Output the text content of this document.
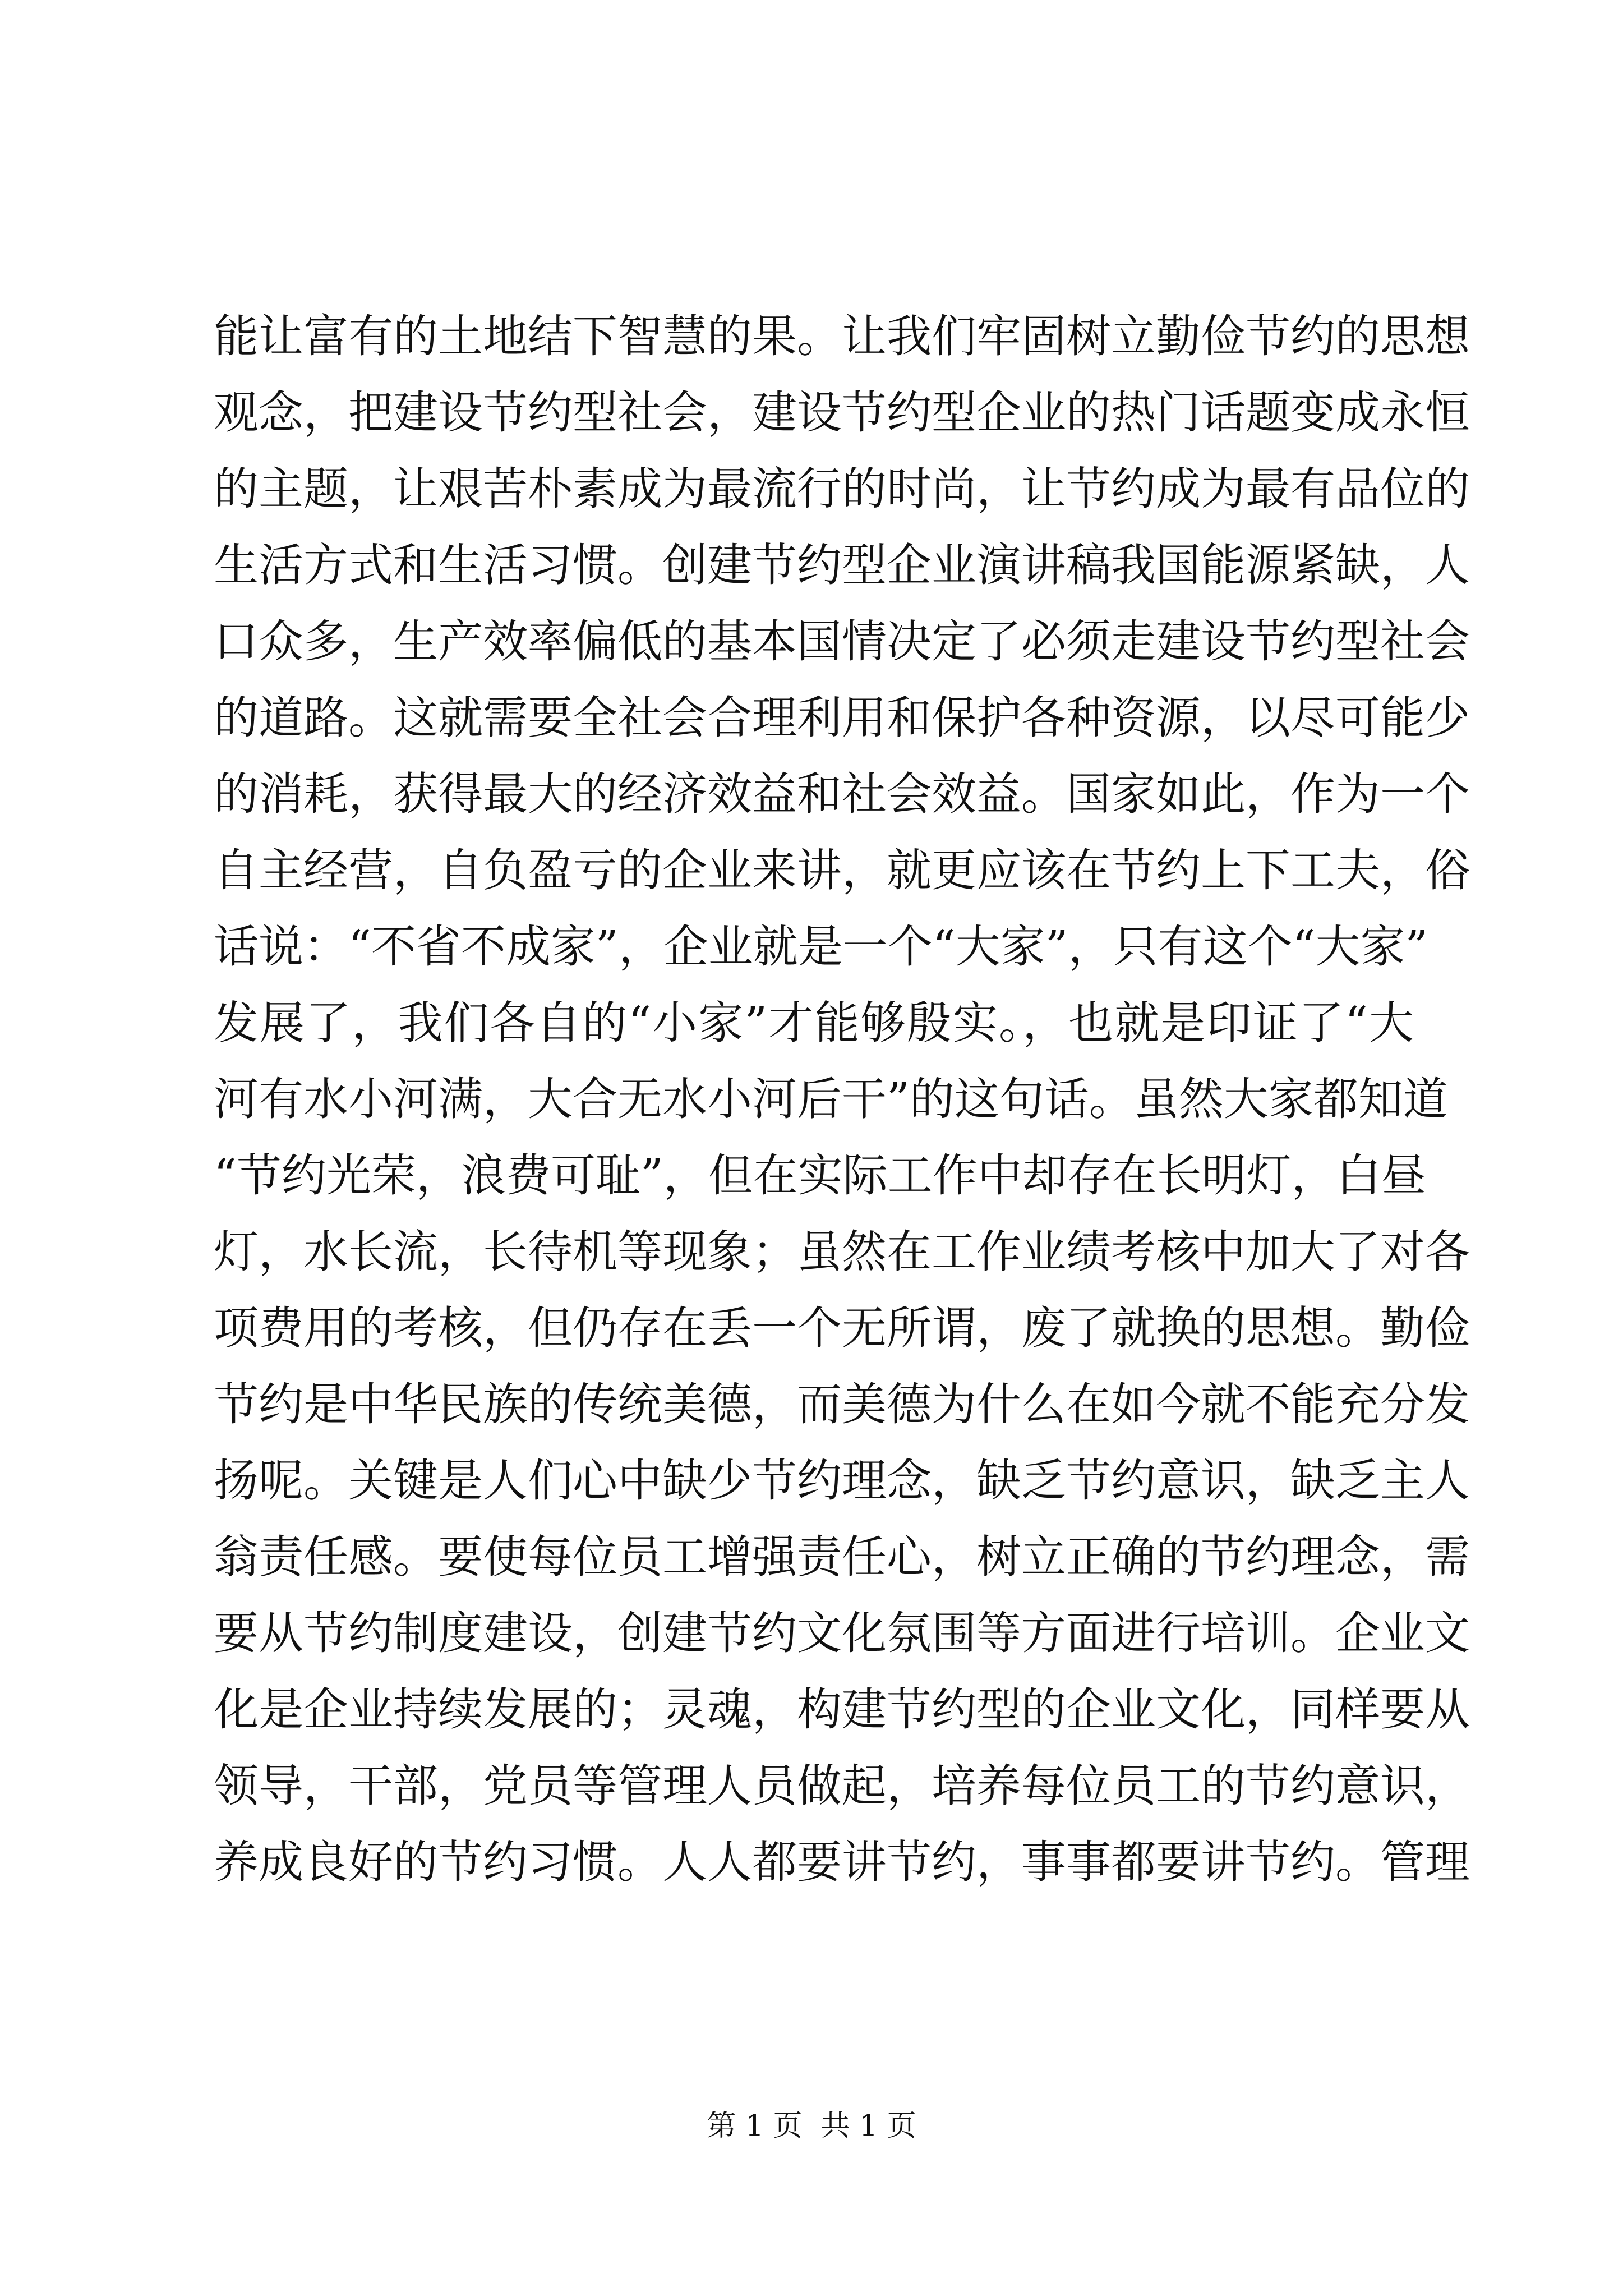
能让富有的土地结下智慧的果。让我们牢固树立勤俭节约的思想
观念，把建设节约型社会，建设节约型企业的热门话题变成永恒
的主题，让艰苦朴素成为最流行的时尚，让节约成为最有品位的
生活方式和生活习惯。创建节约型企业演讲稿我国能源紧缺，人
口众多，生产效率偏低的基本国情决定了必须走建设节约型社会
的道路。这就需要全社会合理利用和保护各种资源，以尽可能少
的消耗，获得最大的经济效益和社会效益。国家如此，作为一个
自主经营，自负盈亏的企业来讲，就更应该在节约上下工夫，俗
话说：“不省不成家”，企业就是一个“大家”，只有这个“大家”
发展了，我们各自的“小家”才能够殷实。，也就是印证了“大
河有水小河满，大合无水小河后干”的这句话。虽然大家都知道
“节约光荣，浪费可耻”，但在实际工作中却存在长明灯，白昼
灯，水长流，长待机等现象；虽然在工作业绩考核中加大了对各
项费用的考核，但仍存在丢一个无所谓，废了就换的思想。勤俭
节约是中华民族的传统美德，而美德为什么在如今就不能充分发
扬呢。关键是人们心中缺少节约理念，缺乏节约意识，缺乏主人
翁责任感。要使每位员工增强责任心，树立正确的节约理念，需
要从节约制度建设，创建节约文化氛围等方面进行培训。企业文
化是企业持续发展的；灵魂，构建节约型的企业文化，同样要从
领导，干部，党员等管理人员做起，培养每位员工的节约意识，
养成良好的节约习惯。人人都要讲节约，事事都要讲节约。管理
第 1 页  共 1 页
